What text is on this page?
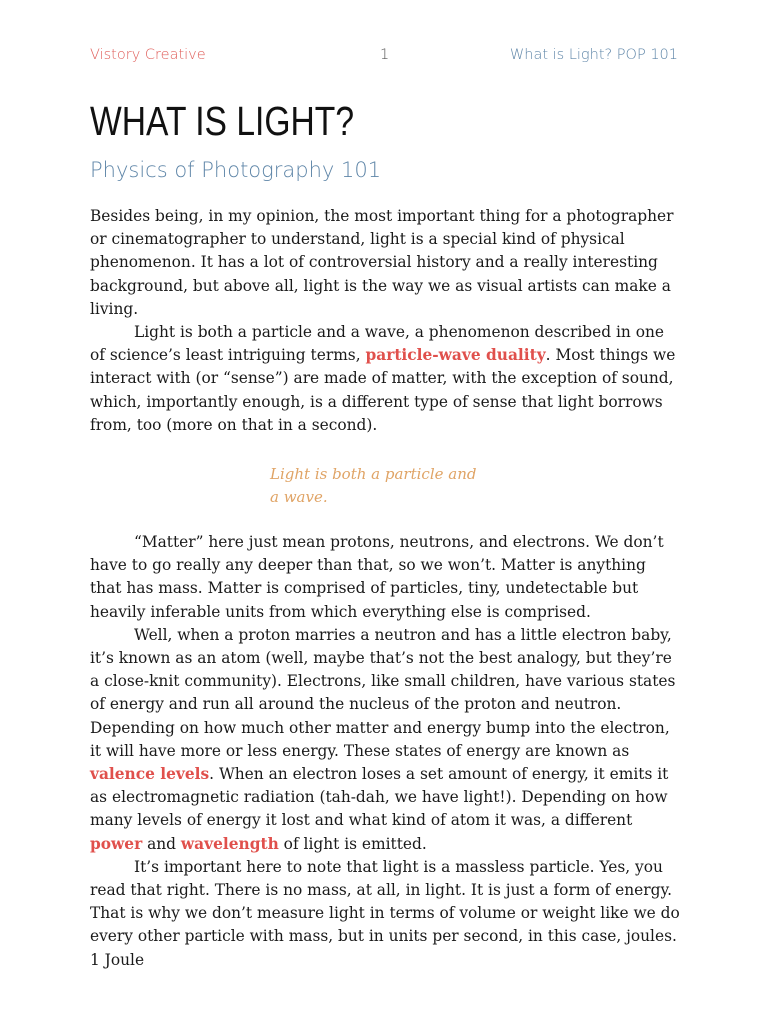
Vistory Creative	1	What is Light? POP 101
WHAT IS LIGHT?
Physics of Photography 101

Besides being, in my opinion, the most important thing for a photographer or cinematographer to understand, light is a special kind of physical phenomenon. It has a lot of controversial history and a really interesting background, but above all, light is the way we as visual artists can make a living.

Light is both a particle and a wave, a phenomenon described in one of science’s least intriguing terms, particle-wave duality. Most things we interact with (or “sense”) are made of matter, with the exception of sound, which, importantly enough, is a different type of sense that light borrows from, too (more on that in a second).

Light is both a particle and a wave.

“Matter” here just mean protons, neutrons, and electrons. We don’t have to go really any deeper than that, so we won’t. Matter is anything that has mass. Matter is comprised of particles, tiny, undetectable but heavily inferable units from which everything else is comprised.

Well, when a proton marries a neutron and has a little electron baby, it’s known as an atom (well, maybe that’s not the best analogy, but they’re a close-knit community). Electrons, like small children, have various states of energy and run all around the nucleus of the proton and neutron. Depending on how much other matter and energy bump into the electron, it will have more or less energy. These states of energy are known as valence levels. When an electron loses a set amount of energy, it emits it as electromagnetic radiation (tah-dah, we have light!). Depending on how many levels of energy it lost and what kind of atom it was, a different power and wavelength of light is emitted.

It’s important here to note that light is a massless particle. Yes, you read that right. There is no mass, at all, in light. It is just a form of energy. That is why we don’t measure light in terms of volume or weight like we do every other particle with mass, but in units per second, in this case, joules. 1 Joule
